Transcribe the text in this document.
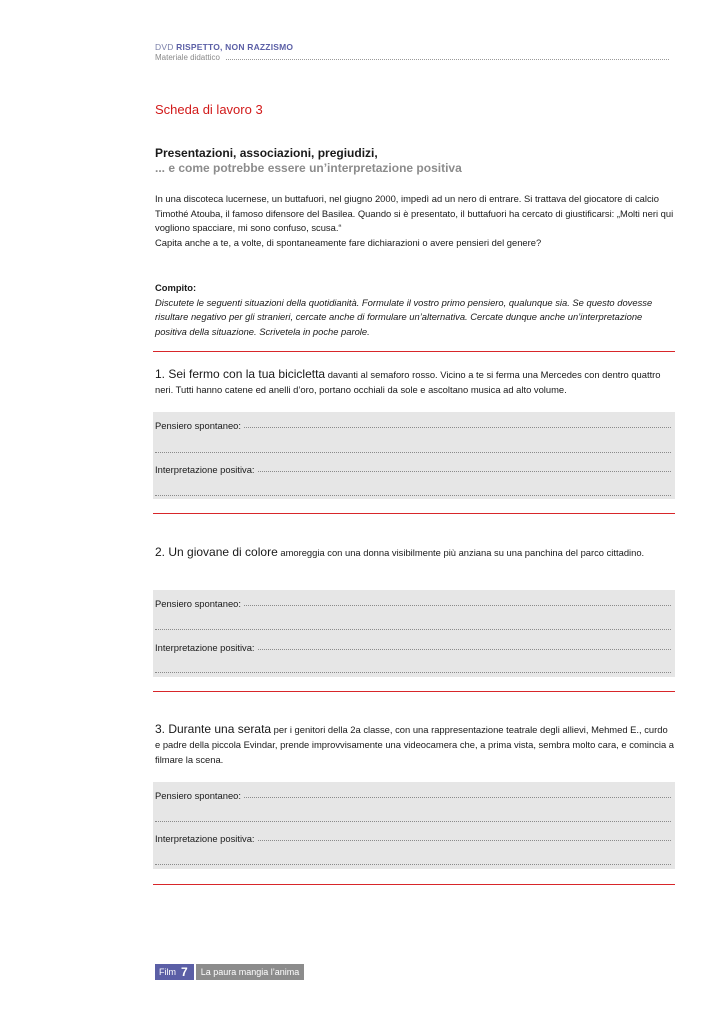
DVD RISPETTO, NON RAZZISMO
Materiale didattico
Scheda di lavoro 3
Presentazioni, associazioni, pregiudizi,
... e come potrebbe essere un’interpretazione positiva
In una discoteca lucernese, un buttafuori, nel giugno 2000, impedì ad un nero di entrare. Si trattava del giocatore di calcio Timothé Atouba, il famoso difensore del Basilea. Quando si è presentato, il buttafuori ha cercato di giustificarsi: „Molti neri qui vogliono spacciare, mi sono confuso, scusa.“
Capita anche a te, a volte, di spontaneamente fare dichiarazioni o avere pensieri del genere?
Compito:
Discutete le seguenti situazioni della quotidianità. Formulate il vostro primo pensiero, qualunque sia. Se questo dovesse risultare negativo per gli stranieri, cercate anche di formulare un’alternativa. Cercate dunque anche un’interpretazione positiva della situazione. Scrivetela in poche parole.
1. Sei fermo con la tua bicicletta davanti al semaforo rosso. Vicino a te si ferma una Mercedes con dentro quattro neri. Tutti hanno catene ed anelli d’oro, portano occhiali da sole e ascoltano musica ad alto volume.
Pensiero spontaneo:
Interpretazione positiva:
2. Un giovane di colore amoreggia con una donna visibilmente più anziana su una panchina del parco cittadino.
Pensiero spontaneo:
Interpretazione positiva:
3. Durante una serata per i genitori della 2a classe, con una rappresentazione teatrale degli allievi, Mehmed E., curdo e padre della piccola Evindar, prende improvvisamente una videocamera che, a prima vista, sembra molto cara, e comincia a filmare la scena.
Pensiero spontaneo:
Interpretazione positiva:
Film 7	La paura mangia l’anima
